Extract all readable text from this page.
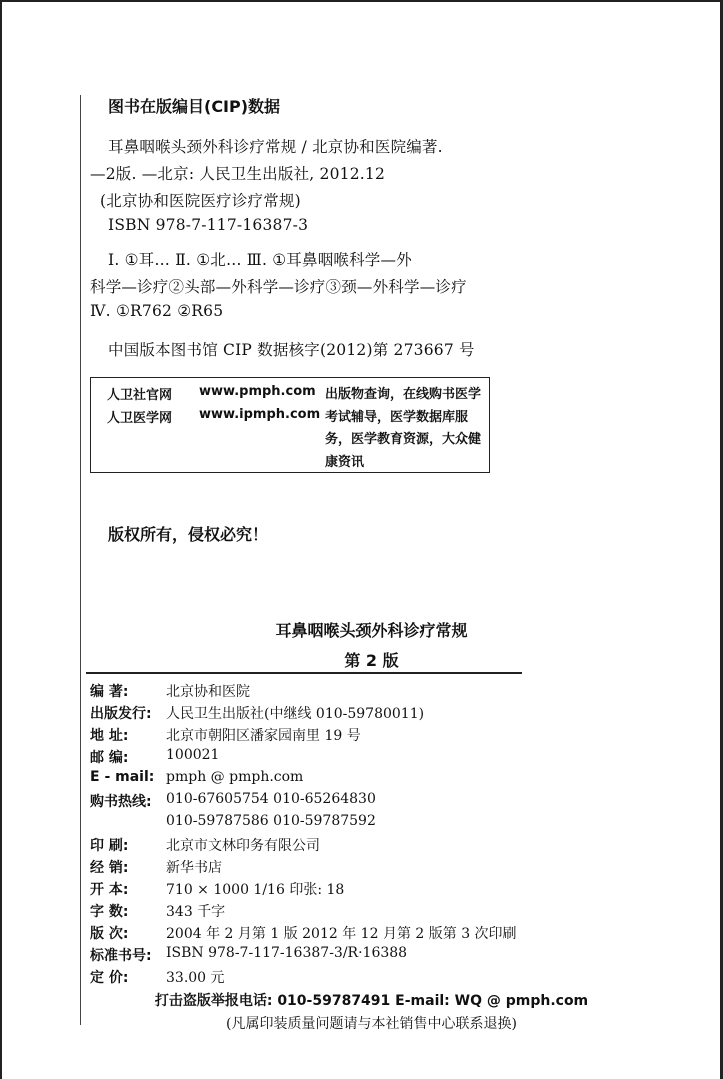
图书在版编目(CIP)数据
耳鼻咽喉头颈外科诊疗常规 / 北京协和医院编著.
—2版. —北京: 人民卫生出版社, 2012.12
(北京协和医院医疗诊疗常规)
ISBN 978-7-117-16387-3
Ⅰ. ①耳… Ⅱ. ①北… Ⅲ. ①耳鼻咽喉科学—外
科学—诊疗②头部—外科学—诊疗③颈—外科学—诊疗
Ⅳ. ①R762 ②R65
中国版本图书馆 CIP 数据核字(2012)第 273667 号
人卫社官网 www.pmph.com
人卫医学网 www.ipmph.com
出版物查询，在线购书医学考试辅导，医学数据库服务，医学教育资源，大众健康资讯
版权所有，侵权必究！
耳鼻咽喉头颈外科诊疗常规
第 2 版
编 著:	北京协和医院
出版发行:	人民卫生出版社(中继线 010-59780011)
地 址:	北京市朝阳区潘家园南里 19 号
邮 编:	100021
E - mail: pmph @ pmph.com
购书热线:	010-67605754 010-65264830
010-59787586 010-59787592
印 刷:	北京市文林印务有限公司
经 销:	新华书店
开 本:	710 × 1000 1/16 印张: 18
字 数:	343 千字
版 次:	2004 年 2 月第 1 版 2012 年 12 月第 2 版第 3 次印刷
标准书号:	ISBN 978-7-117-16387-3/R·16388
定 价:	33.00 元
打击盗版举报电话: 010-59787491 E-mail: WQ @ pmph.com
(凡属印装质量问题请与本社销售中心联系退换)
